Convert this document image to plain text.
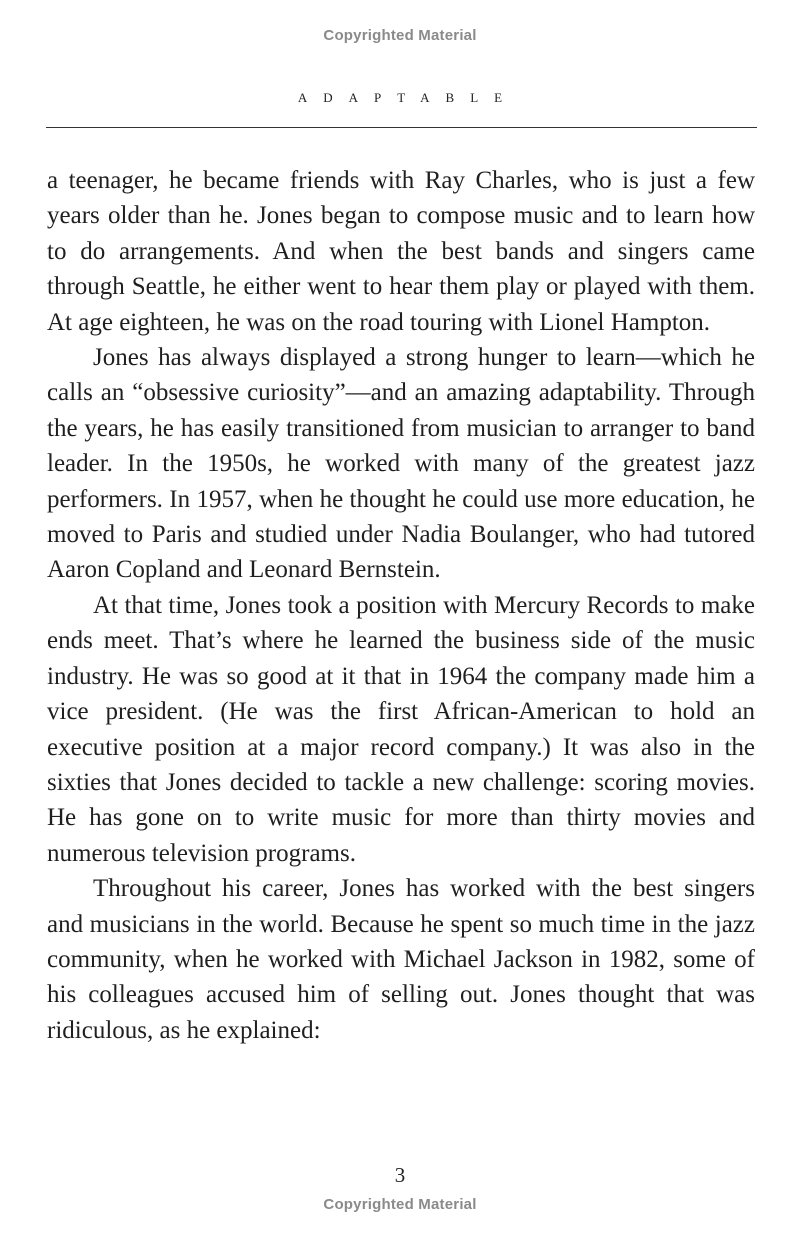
Copyrighted Material
ADAPTABLE

a teenager, he became friends with Ray Charles, who is just a few years older than he. Jones began to compose music and to learn how to do arrangements. And when the best bands and singers came through Seattle, he either went to hear them play or played with them. At age eighteen, he was on the road touring with Lionel Hampton.

Jones has always displayed a strong hunger to learn—which he calls an “obsessive curiosity”—and an amazing adaptability. Through the years, he has easily transitioned from musician to arranger to band leader. In the 1950s, he worked with many of the greatest jazz performers. In 1957, when he thought he could use more education, he moved to Paris and studied under Nadia Boulanger, who had tutored Aaron Copland and Leonard Bernstein.

At that time, Jones took a position with Mercury Records to make ends meet. That’s where he learned the business side of the music industry. He was so good at it that in 1964 the company made him a vice president. (He was the first African-American to hold an executive position at a major record company.) It was also in the sixties that Jones decided to tackle a new challenge: scoring movies. He has gone on to write music for more than thirty movies and numerous television programs.

Throughout his career, Jones has worked with the best singers and musicians in the world. Because he spent so much time in the jazz community, when he worked with Michael Jackson in 1982, some of his colleagues accused him of selling out. Jones thought that was ridiculous, as he explained:

3
Copyrighted Material
